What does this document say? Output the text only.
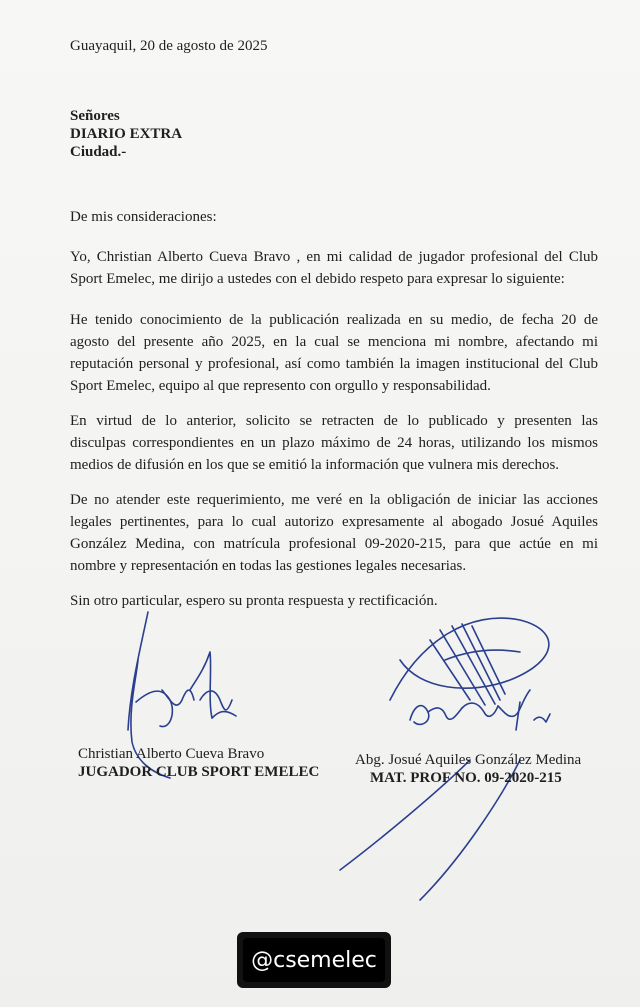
Guayaquil, 20 de agosto de 2025
Señores
DIARIO EXTRA
Ciudad.-
De mis consideraciones:
Yo, Christian Alberto Cueva Bravo , en mi calidad de jugador profesional del Club
Sport Emelec, me dirijo a ustedes con el debido respeto para expresar lo siguiente:
He tenido conocimiento de la publicación realizada en su medio, de fecha 20 de
agosto del presente año 2025, en la cual se menciona mi nombre, afectando mi
reputación personal y profesional, así como también la imagen institucional del Club
Sport Emelec, equipo al que represento con orgullo y responsabilidad.
En virtud de lo anterior, solicito se retracten de lo publicado y presenten las
disculpas correspondientes en un plazo máximo de 24 horas, utilizando los mismos
medios de difusión en los que se emitió la información que vulnera mis derechos.
De no atender este requerimiento, me veré en la obligación de iniciar las acciones
legales pertinentes, para lo cual autorizo expresamente al abogado Josué Aquiles
González Medina, con matrícula profesional 09-2020-215, para que actúe en mi
nombre y representación en todas las gestiones legales necesarias.
Sin otro particular, espero su pronta respuesta y rectificación.
Christian Alberto Cueva Bravo
JUGADOR CLUB SPORT EMELEC
Abg. Josué Aquiles González Medina
MAT. PROF NO. 09-2020-215
@csemelec
